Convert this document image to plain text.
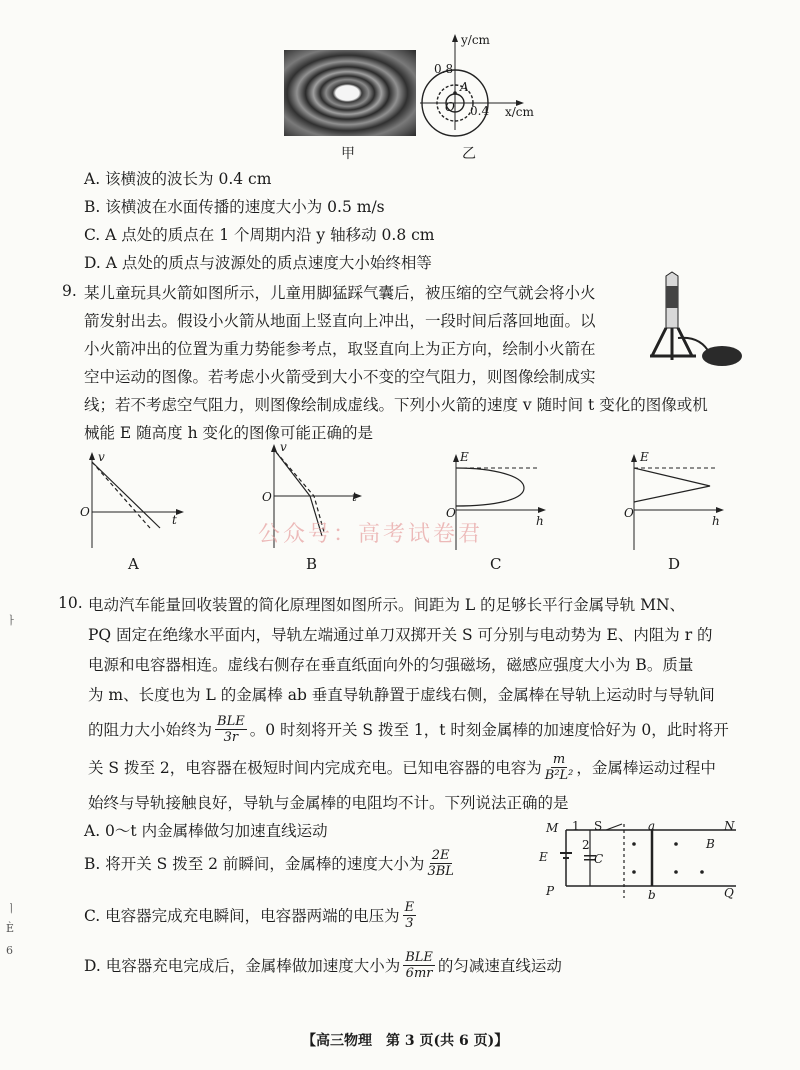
甲
y/cm
x/cm
0.8
0.4
A
O
乙
A. 该横波的波长为 0.4 cm
B. 该横波在水面传播的速度大小为 0.5 m/s
C. A 点处的质点在 1 个周期内沿 y 轴移动 0.8 cm
D. A 点处的质点与波源处的质点速度大小始终相等
9. 某儿童玩具火箭如图所示，儿童用脚猛踩气囊后，被压缩的空气就会将小火
箭发射出去。假设小火箭从地面上竖直向上冲出，一段时间后落回地面。以
小火箭冲出的位置为重力势能参考点，取竖直向上为正方向，绘制小火箭在
空中运动的图像。若考虑小火箭受到大小不变的空气阻力，则图像绘制成实
线；若不考虑空气阻力，则图像绘制成虚线。下列小火箭的速度 v 随时间 t 变化的图像或机
械能 E 随高度 h 变化的图像可能正确的是
v
t
O
A
v
t
O
B
E
h
O
C
E
h
O
D
公众号：高考试卷君
10. 电动汽车能量回收装置的简化原理图如图所示。间距为 L 的足够长平行金属导轨 MN、
PQ 固定在绝缘水平面内，导轨左端通过单刀双掷开关 S 可分别与电动势为 E、内阻为 r 的
电源和电容器相连。虚线右侧存在垂直纸面向外的匀强磁场，磁感应强度大小为 B。质量
为 m、长度也为 L 的金属棒 ab 垂直导轨静置于虚线右侧，金属棒在导轨上运动时与导轨间
的阻力大小始终为 BLE
3r 。0 时刻将开关 S 拨至 1，t 时刻金属棒的加速度恰好为 0，此时将开
关 S 拨至 2，电容器在极短时间内完成充电。已知电容器的电容为 $\frac{m}{\text{B²L²}}$ ，金属棒运动过程中
始终与导轨接触良好，导轨与金属棒的电阻均不计。下列说法正确的是
A. 0～t 内金属棒做匀加速直线运动
B. 将开关 S 拨至 2 前瞬间，金属棒的速度大小为 $\frac{2E}{3BL}$
C. 电容器完成充电瞬间，电容器两端的电压为 $\frac{E}{3}$
D. 电容器充电完成后，金属棒做加速度大小为 BLE
6mr 的匀减速直线运动
M	N
P	Q
a
b
1 S
2
E	C
B
ㅏ
ㅣ
È
6
【高三物理　第 3 页(共 6 页)】
